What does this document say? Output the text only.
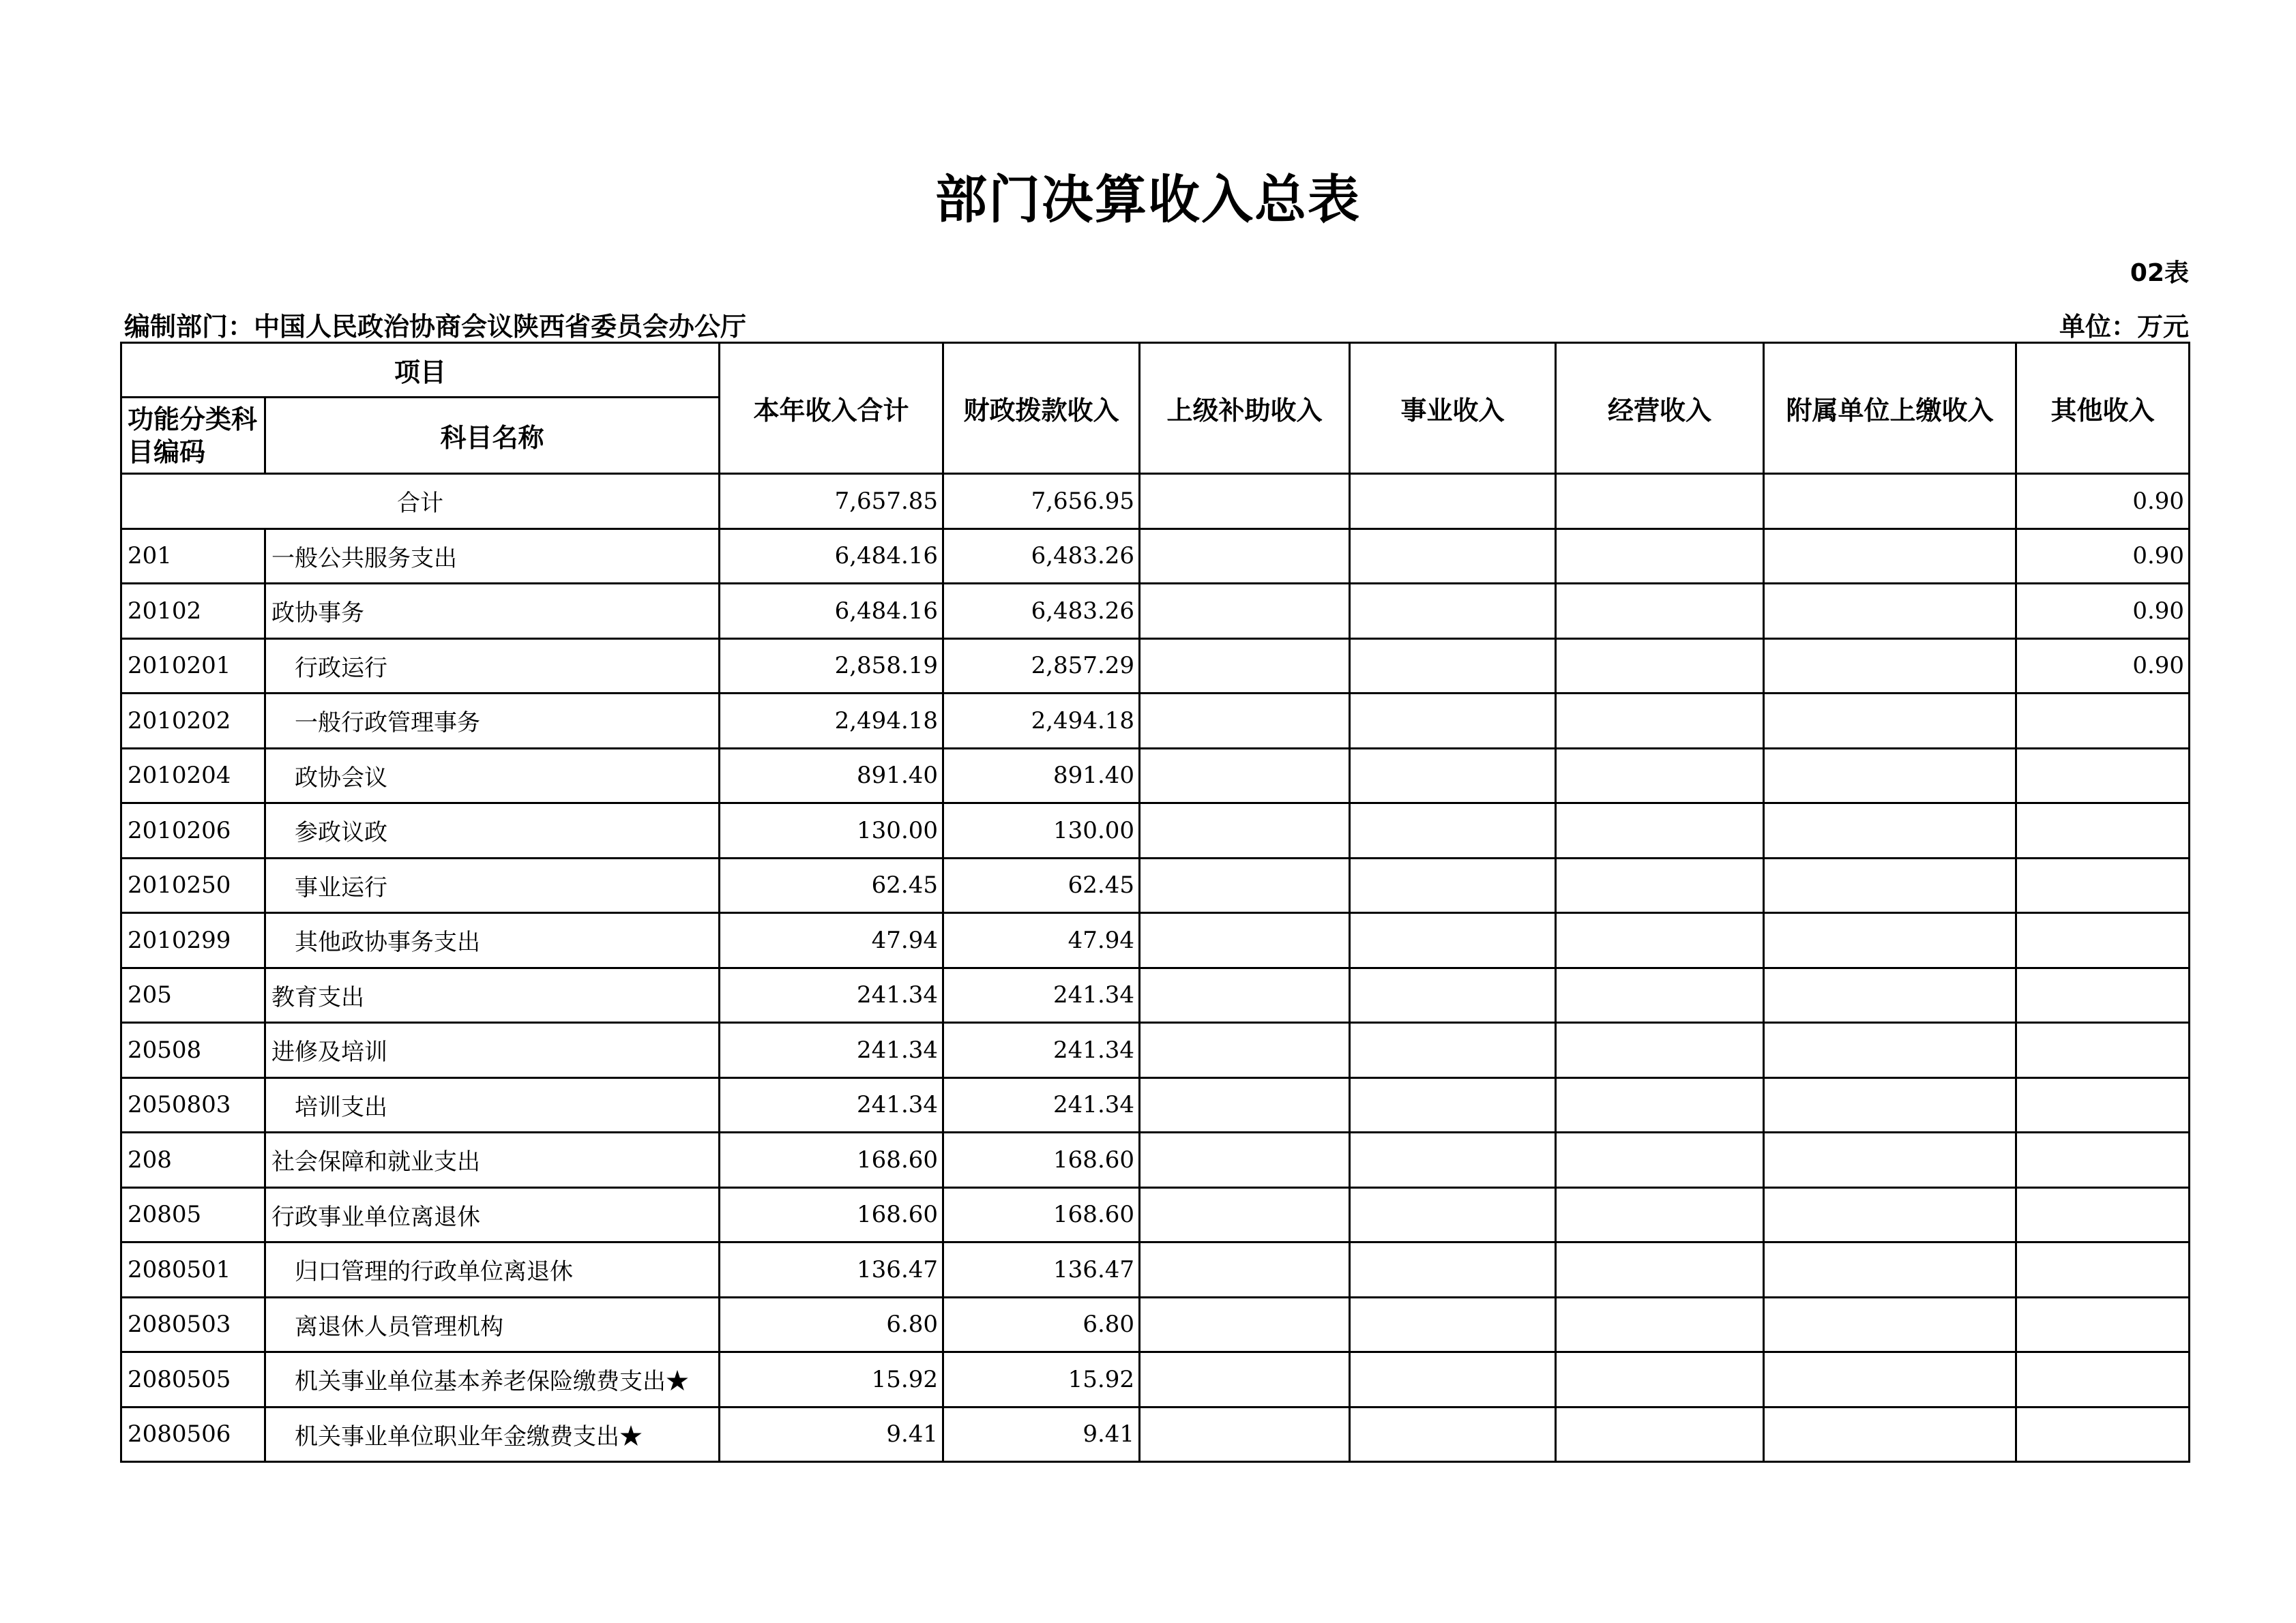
部门决算收入总表
02表
编制部门：中国人民政治协商会议陕西省委员会办公厅	单位：万元
项目		本年收入合计	财政拨款收入	上级补助收入	事业收入	经营收入	附属单位上缴收入	其他收入
功能分类科目编码	科目名称							
合计		7,657.85	7,656.95					0.90
201	一般公共服务支出	6,484.16	6,483.26					0.90
20102	政协事务	6,484.16	6,483.26					0.90
2010201	行政运行	2,858.19	2,857.29					0.90
2010202	一般行政管理事务	2,494.18	2,494.18					
2010204	政协会议	891.40	891.40					
2010206	参政议政	130.00	130.00					
2010250	事业运行	62.45	62.45					
2010299	其他政协事务支出	47.94	47.94					
205	教育支出	241.34	241.34					
20508	进修及培训	241.34	241.34					
2050803	培训支出	241.34	241.34					
208	社会保障和就业支出	168.60	168.60					
20805	行政事业单位离退休	168.60	168.60					
2080501	归口管理的行政单位离退休	136.47	136.47					
2080503	离退休人员管理机构	6.80	6.80					
2080505	机关事业单位基本养老保险缴费支出★	15.92	15.92					
2080506	机关事业单位职业年金缴费支出★	9.41	9.41					
